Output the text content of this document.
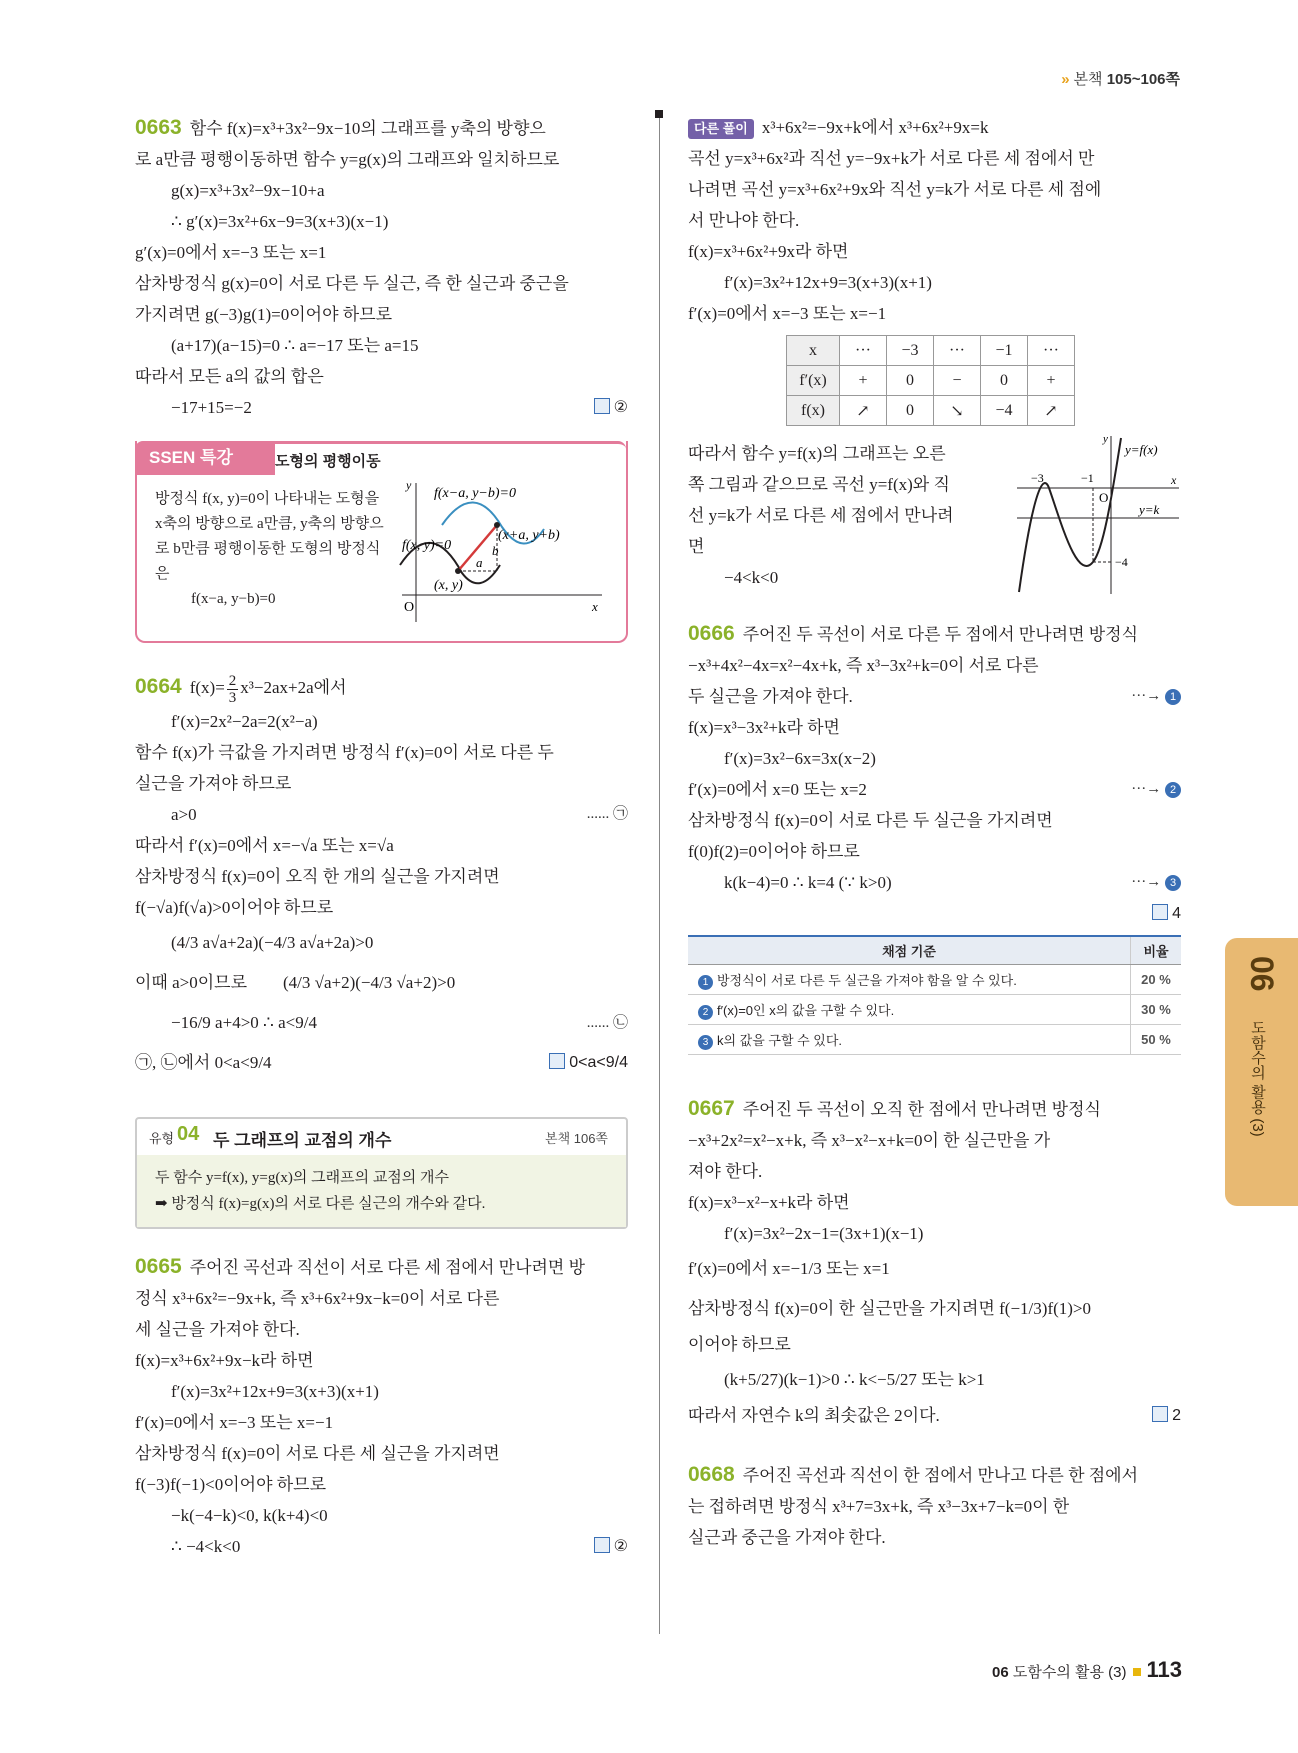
» 본책 105~106쪽
0663 함수 f(x)=x³+3x²−9x−10의 그래프를 y축의 방향으
로 a만큼 평행이동하면 함수 y=g(x)의 그래프와 일치하므로
g(x)=x³+3x²−9x−10+a
∴ g′(x)=3x²+6x−9=3(x+3)(x−1)
g′(x)=0에서 x=−3 또는 x=1
삼차방정식 g(x)=0이 서로 다른 두 실근, 즉 한 실근과 중근을
가지려면 g(−3)g(1)=0이어야 하므로
(a+17)(a−15)=0 ∴ a=−17 또는 a=15
따라서 모든 a의 값의 합은
−17+15=−2	②
SSEN 특강	도형의 평행이동
방정식 f(x, y)=0이 나타내는 도형을 x축의 방향으로 a만큼, y축의 방향으로 b만큼 평행이동한 도형의 방정식은
f(x−a, y−b)=0
y
x
O
f(x−a, y−b)=0
f(x, y)=0
(x+a, y+b)
(x, y)
a
b
0664 $f(x)= \frac{2}{3} x^3-2ax+2a$에서
f′(x)=2x²−2a=2(x²−a)
함수 f(x)가 극값을 가지려면 방정식 f′(x)=0이 서로 다른 두
실근을 가져야 하므로
a>0	...... ㉠
따라서 f′(x)=0에서 x=−√a 또는 x=√a
삼차방정식 f(x)=0이 오직 한 개의 실근을 가지려면
f(−√a)f(√a)>0이어야 하므로
(4/3 a√a+2a)(−4/3 a√a+2a)>0
이때 a>0이므로 (4/3 √a+2)(−4/3 √a+2)>0
−16/9 a+4>0 ∴ a<9/4	...... ㉡
㉠, ㉡에서 0<a<9/4	0<a<9/4
유형 04 두 그래프의 교점의 개수	본책 106쪽
두 함수 y=f(x), y=g(x)의 그래프의 교점의 개수
➡ 방정식 f(x)=g(x)의 서로 다른 실근의 개수와 같다.
0665 주어진 곡선과 직선이 서로 다른 세 점에서 만나려면 방
정식 x³+6x²=−9x+k, 즉 x³+6x²+9x−k=0이 서로 다른
세 실근을 가져야 한다.
f(x)=x³+6x²+9x−k라 하면
f′(x)=3x²+12x+9=3(x+3)(x+1)
f′(x)=0에서 x=−3 또는 x=−1
삼차방정식 f(x)=0이 서로 다른 세 실근을 가지려면
f(−3)f(−1)<0이어야 하므로
−k(−4−k)<0, k(k+4)<0
∴ −4<k<0	②
다른 풀이 x³+6x²=−9x+k에서 x³+6x²+9x=k
곡선 y=x³+6x²과 직선 y=−9x+k가 서로 다른 세 점에서 만
나려면 곡선 y=x³+6x²+9x와 직선 y=k가 서로 다른 세 점에
서 만나야 한다.
f(x)=x³+6x²+9x라 하면
f′(x)=3x²+12x+9=3(x+3)(x+1)
f′(x)=0에서 x=−3 또는 x=−1
x	···	−3	···	−1	···
f′(x)	+	0	−	0	+
f(x)	↗	0	↘	−4	↗
따라서 함수 y=f(x)의 그래프는 오른
쪽 그림과 같으므로 곡선 y=f(x)와 직
선 y=k가 서로 다른 세 점에서 만나려
면
−4<k<0
y
x
O
y=f(x)
y=k
−3	−1
−4
0666 주어진 두 곡선이 서로 다른 두 점에서 만나려면 방정식
−x³+4x²−4x=x²−4x+k, 즉 x³−3x²+k=0이 서로 다른
두 실근을 가져야 한다.	···→ 1
f(x)=x³−3x²+k라 하면
f′(x)=3x²−6x=3x(x−2)
f′(x)=0에서 x=0 또는 x=2	···→ 2
삼차방정식 f(x)=0이 서로 다른 두 실근을 가지려면
f(0)f(2)=0이어야 하므로
k(k−4)=0 ∴ k=4 (∵ k>0)	···→ 3
4

채점 기준	비율
1 방정식이 서로 다른 두 실근을 가져야 함을 알 수 있다.	20 %
2 f′(x)=0인 x의 값을 구할 수 있다.	30 %
3 k의 값을 구할 수 있다.	50 %
0667 주어진 두 곡선이 오직 한 점에서 만나려면 방정식
−x³+2x²=x²−x+k, 즉 x³−x²−x+k=0이 한 실근만을 가
져야 한다.
f(x)=x³−x²−x+k라 하면
f′(x)=3x²−2x−1=(3x+1)(x−1)
f′(x)=0에서 x=−1/3 또는 x=1
삼차방정식 f(x)=0이 한 실근만을 가지려면 f(−1/3)f(1)>0
이어야 하므로
(k+5/27)(k−1)>0 ∴ k<−5/27 또는 k>1
따라서 자연수 k의 최솟값은 2이다.	2
0668 주어진 곡선과 직선이 한 점에서 만나고 다른 한 점에서
는 접하려면 방정식 x³+7=3x+k, 즉 x³−3x+7−k=0이 한
실근과 중근을 가져야 한다.
06
도함수의 활용 (3)
06 도함수의 활용 (3) 113
